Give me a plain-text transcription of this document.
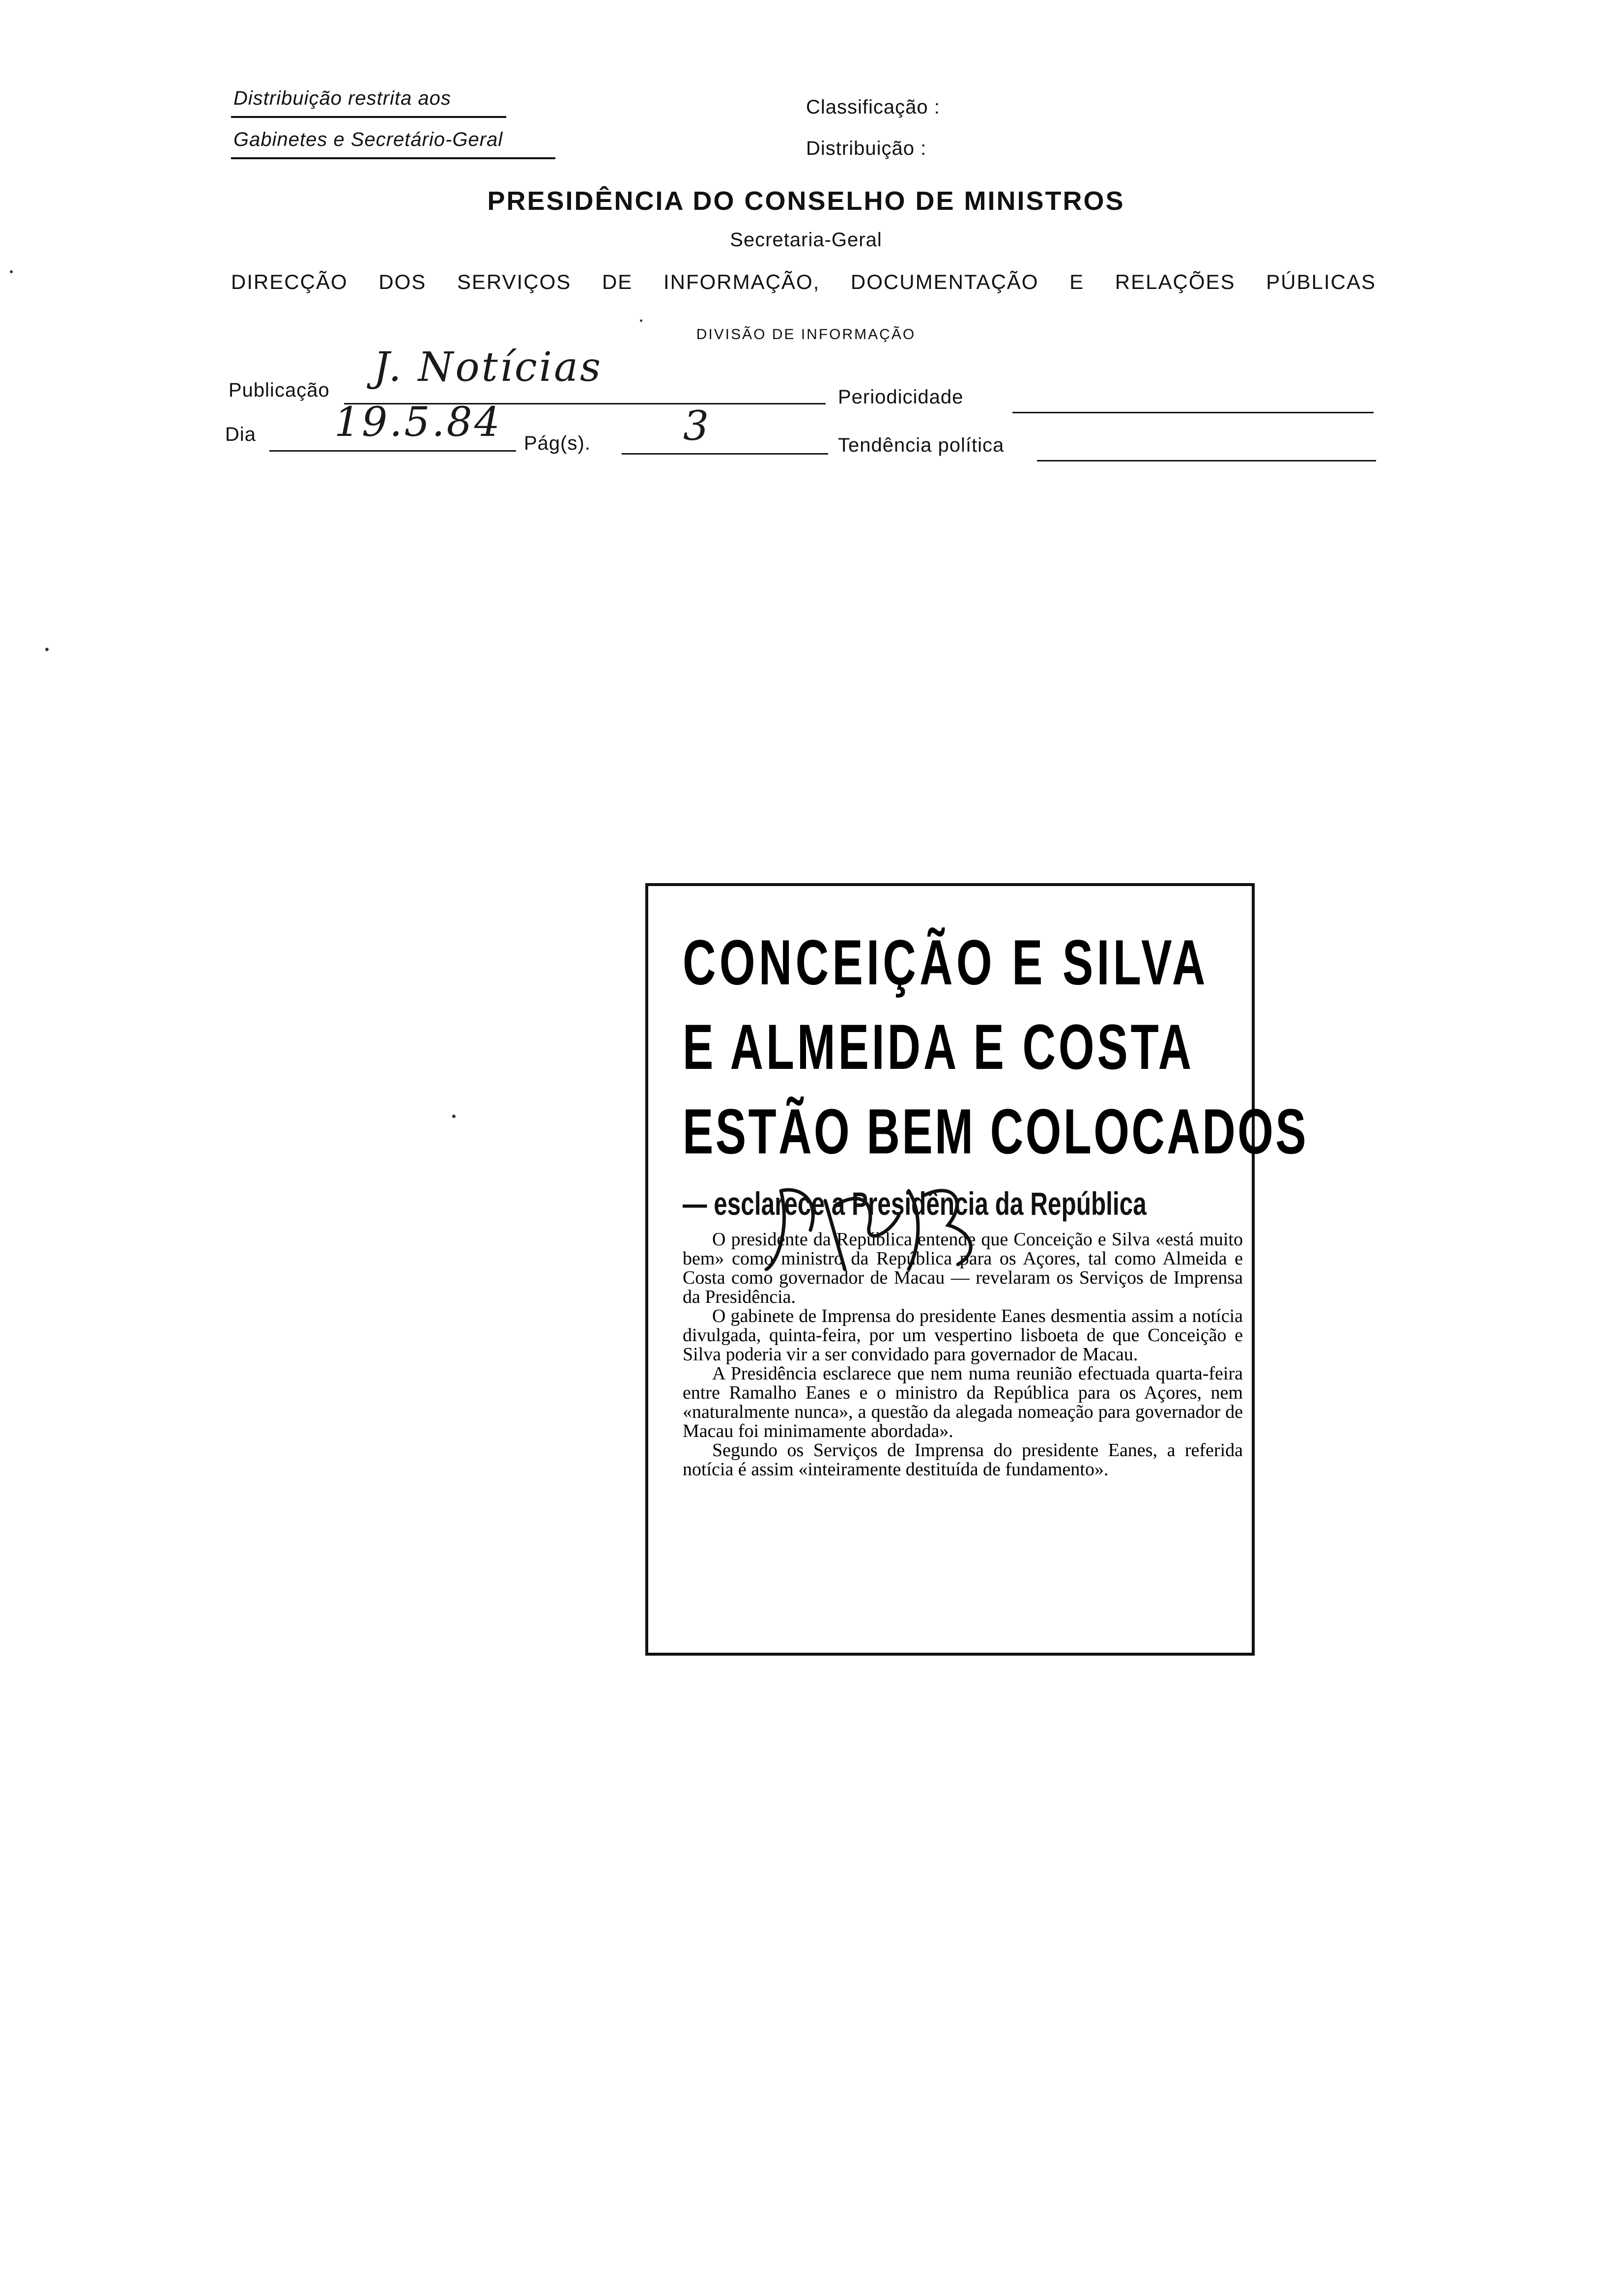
Distribuição restrita aos
Gabinetes e Secretário-Geral
Classificação :
Distribuição :
PRESIDÊNCIA DO CONSELHO DE MINISTROS
Secretaria-Geral
DIRECÇÃO DOS SERVIÇOS DE INFORMAÇÃO, DOCUMENTAÇÃO E RELAÇÕES PÚBLICAS
DIVISÃO DE INFORMAÇÃO
Publicação J. Notícias
Periodicidade
Dia 19.5.84 Pág(s). 3	Tendência política
CONCEIÇÃO E SILVA
E ALMEIDA E COSTA
ESTÃO BEM COLOCADOS
— esclarece a Presidência da República

O presidente da República entende que Conceição e Silva «está muito bem» como ministro da República para os Açores, tal como Almeida e Costa como governador de Macau — revelaram os Serviços de Imprensa da Presidência.

O gabinete de Imprensa do presidente Eanes desmentia assim a notícia divulgada, quinta-feira, por um vespertino lisboeta de que Conceição e Silva poderia vir a ser convidado para governador de Macau.

A Presidência esclarece que nem numa reunião efectuada quarta-feira entre Ramalho Eanes e o ministro da República para os Açores, nem «naturalmente nunca», a questão da alegada nomeação para governador de Macau foi minimamente abordada».

Segundo os Serviços de Imprensa do presidente Eanes, a referida notícia é assim «inteiramente destituída de fundamento».
